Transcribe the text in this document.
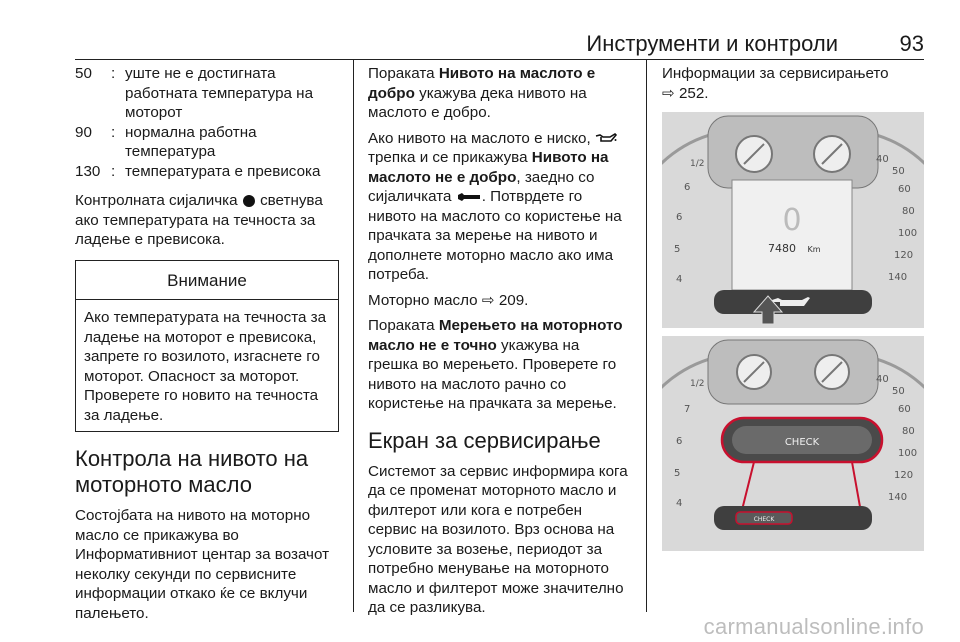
Инструменти и контроли	93
50	: уште не е достигната работната температура на моторот
90	: нормална работна температура
130 : температурата е превисока

Контролната сијаличка светнува ако температурата на течноста за ладење е превисока.

Внимание
Ако температурата на течноста за ладење на моторот е превисока, запрете го возилото, изгаснете го моторот. Опасност за моторот. Проверете го новито на течноста за ладење.
Контрола на нивото на моторното масло

Состојбата на нивото на моторно масло се прикажува во Информативниот центар за возачот неколку секунди по сервисните информации откако ќе се вклучи палењето.

Пораката Нивото на маслото е добро укажува дека нивото на маслото е добро.

Ако нивото на маслото е ниско,  трепка и се прикажува Нивото на маслото не е добро, заедно со сијаличката . Потврдете го нивото на маслото со користење на прачката за мерење на нивото и дополнете моторно масло ако има потреба.

Моторно масло ⇨ 209.

Пораката Мерењето на моторното масло не е точно укажува на грешка во мерењето. Проверете го нивото на маслото рачно со користење на прачката за мерење.

Екран за сервисирање

Системот за сервис информира кога да се променат моторното масло и филтерот или кога е потребен сервис на возилото. Врз основа на условите за возење, периодот за потребно менување на моторното масло и филтерот може значително да се разликува.

Информации за сервисирањето
⇨ 252.

0
7480 Km
1/2
6
6
5
4
40
50
60
80
100
120
140
1/2
7
6
5
4
40
50
60
80
100
120
140
CHECK
CHECK
carmanualsonline.info
